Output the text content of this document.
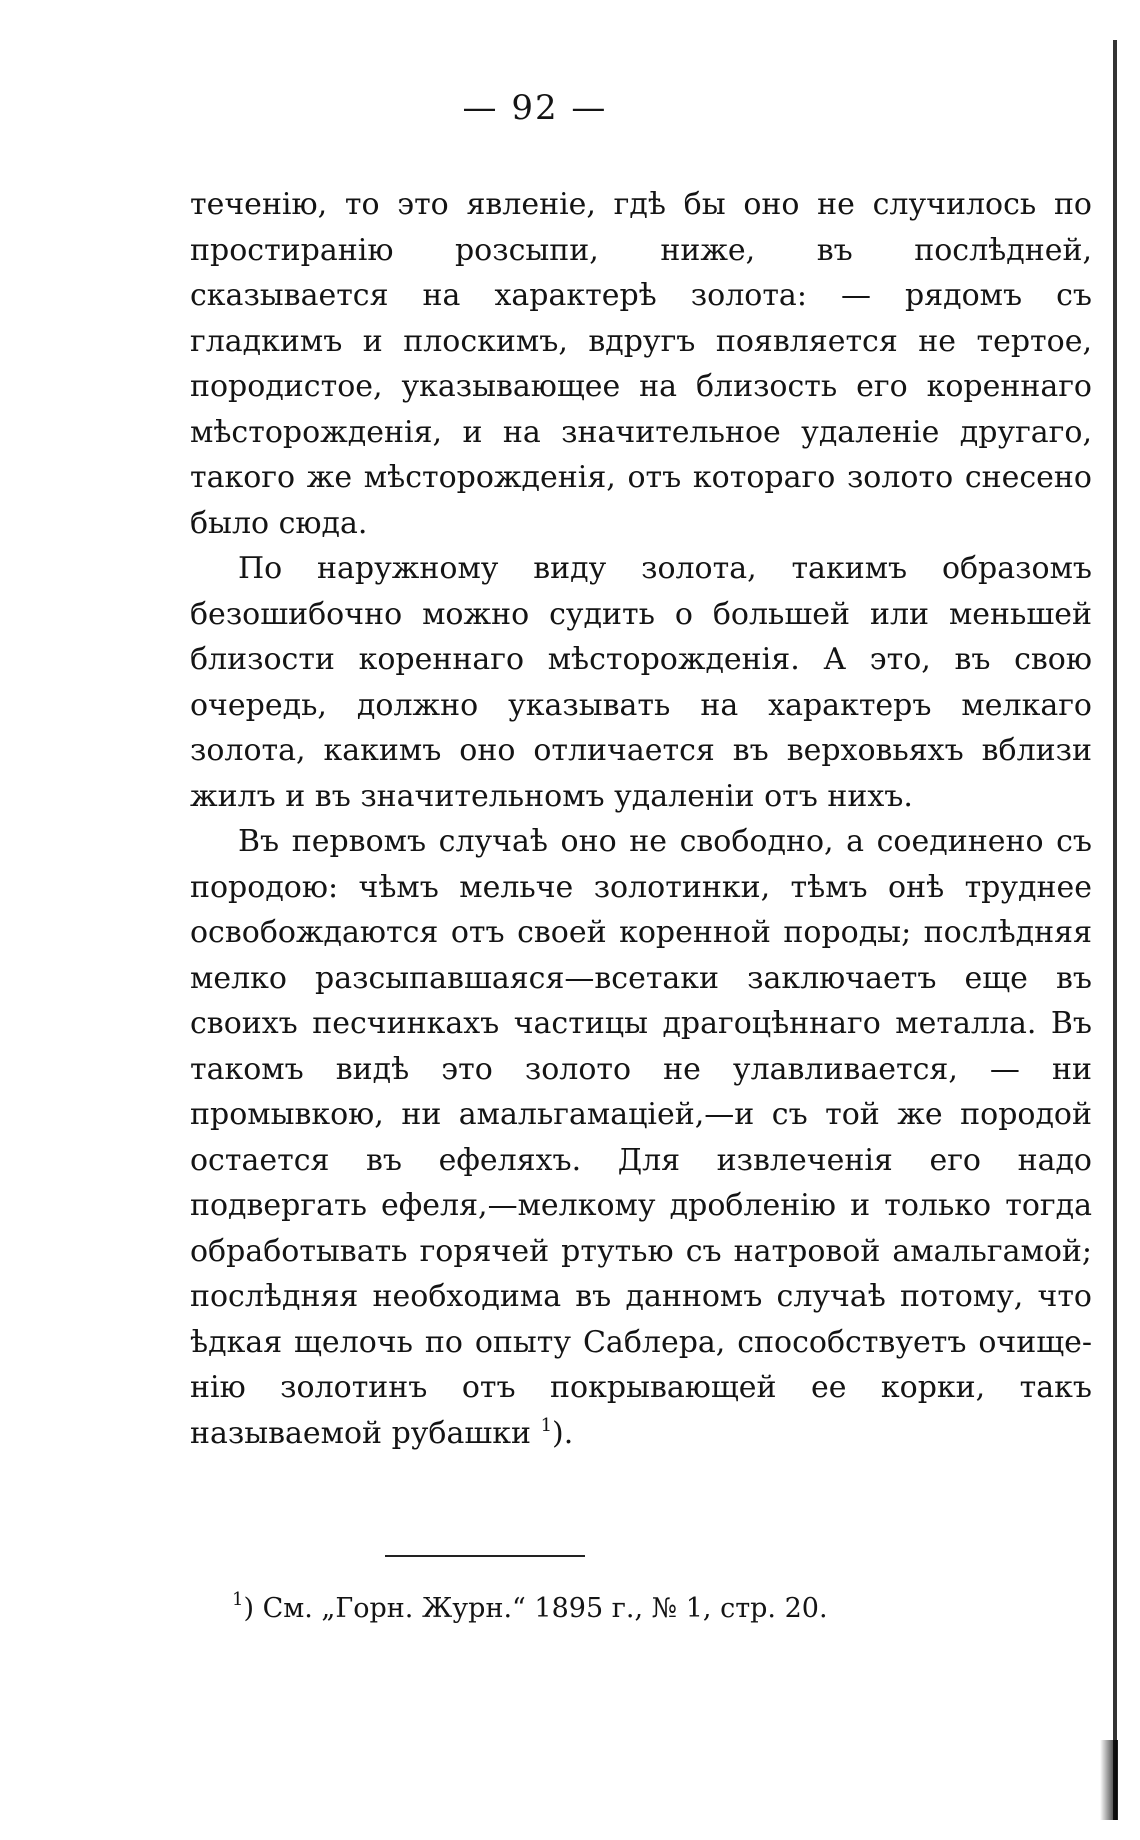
— 92 —

теченію, то это явленіе, гдѣ бы оно не случилось по простиранію розсыпи, ниже, въ послѣдней, сказывается на характерѣ золота: — рядомъ съ гладкимъ и плоскимъ, вдругъ появляется не тертое, породистое, указывающее на близость его кореннаго мѣсторожденія, и на значительное удаленіе другаго, такого же мѣсторожденія, отъ котораго золото снесено было сюда.

По наружному виду золота, такимъ образомъ безошибочно можно судить о большей или меньшей близости кореннаго мѣсторожденія. А это, въ свою очередь, должно указывать на характеръ мелкаго золота, какимъ оно отличается въ верховьяхъ вблизи жилъ и въ значительномъ удаленіи отъ нихъ.

Въ первомъ случаѣ оно не свободно, а соединено съ породою: чѣмъ мельче золотинки, тѣмъ онѣ труднее освобождаются отъ своей коренной породы; послѣдняя мелко разсыпавшаяся—всетаки заключаетъ еще въ своихъ песчинкахъ частицы драгоцѣннаго металла. Въ такомъ видѣ это золото не улавливается, — ни промывкою, ни амальгамаціей,—и съ той же породой остается въ ефеляхъ. Для извлеченія его надо подвергать ефеля,—мелкому дробленію и только тогда обработывать горячей ртутью съ натровой амальгамой; послѣдняя необходима въ данномъ случаѣ потому, что ѣдкая щелочь по опыту Саблера, способствуетъ очищенію золотинъ отъ покрывающей ее корки, такъ называемой рубашки $^1$).

$^1$) См. „Горн. Журн.“ 1895 г., № 1, стр. 20.
